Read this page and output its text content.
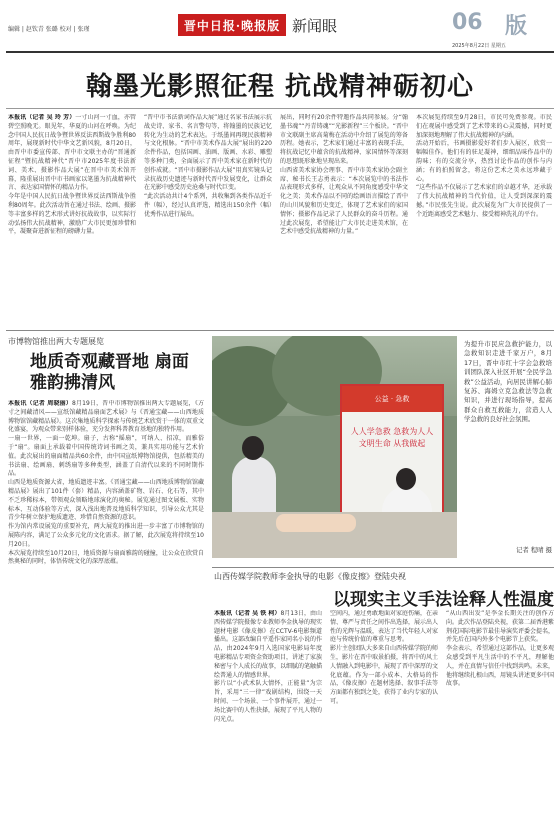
编辑 | 赵钦青 张璐 校对 | 张瑾	晋中日报·晚报版 新闻眼	06 版
2025年8月22日 星期五
翰墨光影照征程 抗战精神砺初心
本报讯（记者 吴 玲 芳）一寸山河一寸血，亦管碧空照晚无。眼见年，华夏的山河在呼唤。为纪念中国人民抗日战争暨世界反法西斯战争胜利80周年，展现新时代中华文艺新风貌，8月20日，由晋中市委宣传部、晋中市文联主办的“晋通新征程”暨抗战精神代“晋中市2025年度书法新词、美术、摄影作品大展”在晋中市美术馆开幕，隆重展出晋中市书画家以笔墨为抗战精神代言、表达家国情怀的精品力作。
今年是中国人民抗日战争暨世界反法西斯战争胜利80周年。此次活动旨在通过书法、绘画、摄影等丰富多样的艺术形式讲好抗战故事，以实际行动弘扬伟大抗战精神，激励广大市民更加珍惜和平，凝聚奋进新征程的磅礴力量。
“晋中市书法新词作品大展”通过名家书法展示抗战史诗、家书、名言警句等，将翰墨的民族记忆转化为生动的艺术表达。于纸墨间再现民族精神与文化根脉。“晋中市美术作品大展”展出的220余件作品，包括国画、油画、版画、水彩、雕塑等多种门类，全面展示了晋中美术家在新时代的创作成就。“晋中市摄影作品大展”用真实镜头记录抗战历史遗迹与新时代晋中发展变化，让群众在光影中感受历史沧桑与时代巨变。
“此次活动共计4个系列，共收集到各类作品近千件（幅），经过认真评选，精选出150余件（幅）优秀作品进行展出。
展出，同时有20余件特邀作品共同参展。分“翰墨书魂”“丹青铸魂”“光影新程”三个板块。“晋中市文联副主席高菊梅在活动中介绍了展览的筹备历程。她表示，艺术家们通过丰富的表现手法，将抗战记忆中蕴含的抗战精神、家国情怀等深刻的思想既形象地呈现出来。
山西省美术家协会理事、晋中市美术家协会副主席、秘书长王志勇表示：“本次展览中的书法作品表现形式多样，让观众从不同角度感受中华文化之美；美术作品以不同的绘画语言描绘了晋中的山川风貌和历史变迁，体现了艺术家们的家国情怀；摄影作品记录了人民群众的奋斗历程。通过此次展览，希望能让广大市民走进美术馆，在艺术中感受抗战精神的力量。”
本次展览持续至9月28日，市民可免费参观。市民们在观展中感受到了艺术带来的心灵震撼，同时更加深刻地理解了伟大抗战精神的内涵。
活动开始后，书画摄影爱好者们步入展区，欣赏一幅幅佳作。他们有的驻足凝神，细细品味作品中的韵味；有的交流分享，热烈讨论作品的创作与内涵；有的拍照留念，将这份艺术之美永远珍藏于心。
“这些作品不仅展示了艺术家们的卓越才华，还承载了伟大抗战精神的当代价值，让人受到深深的震撼。”市民张先生说。此次展览为广大市民提供了一个近距离感受艺术魅力、接受精神洗礼的平台。
市博物馆推出两大专题展览
地质奇观藏晋地 扇面雅韵拂清风
本报讯（记者 周晓丽）8月19日，晋中市博物馆推出两大专题展览，《方寸之间藏清风——宣纸馆藏精品扇面艺术展》与《晋通宝藏——山西地质博物馆馆藏精品展》。这次集地质科学探索与传统艺术欣赏于一体的双重文化盛宴，为观众带来别样体验，充分发挥科普教育基地的独特作用。
一扇一世界，一面一乾坤。扇子，古称“摇扇”，可纳人、招凉，而雅俗于“扇”。扇面上承载着中国传统诗词书画之美，兼具实用功能与艺术价值。此次展出的扇面精品共60余件，由中国宣纸博物馆提供，包括精美的书法扇、绘画扇、刺绣扇等多种类型，涵盖了自清代以来的不同时期作品。
山西是地质资源大省，地质遗迹丰富。《晋通宝藏——山西地质博物馆馆藏精品展》展出了101件（套）精品，内容涵盖矿物、岩石、化石等，其中不乏珍稀标本，带领观众领略地球演化的奥秘。展览通过图文展板、实物标本、互动体验等方式，深入浅出地普及地质科学知识，引导公众尤其是青少年树立保护地质遗迹、珍惜自然资源的意识。
作为馆内常设展览的重要补充，两大展览的推出进一步丰富了市博物馆的展陈内容，满足了公众多元化的文化需求。据了解，此次展览将持续至10月20日。
本次展览持续至10月20日，地质资源与扇面雅韵的碰撞，让公众在欣赏自然奥秘的同时，体悟传统文化的深厚底蕴。
公益 · 急救
人人学急救 急救为人人 文明生命 从我做起
为提升市民应急救护能力，以急救知识走进千家万户，8月17日，晋中市红十字会急救培训团队深入社区开展“全民学急救”公益活动，向居民讲解心肺复苏、海姆立克急救法等急救知识，并进行现场指导，提高群众自救互救能力，营造人人学急救的良好社会氛围。
记者 程晴 摄
山西传媒学院教师李金执导的电影《像皮擦》登陆央视
以现实主义手法诠释人性温度
本报讯（记者 吴 铁 柯）8月13日，由山西传媒学院摄像专业教师李金执导的现实题材电影《像皮擦》在CCTV-6电影频道播出。这部改编自平遥作家同名小说的作品，由2024年9月入选国家电影局年度电影精品专项资金资助项目，讲述了家族秘密与个人成长的故事，以细腻的笔触描绘普通人的情感世界。
影片以“小武术队大情怀，正能量”为宗旨，采用“三一律”戏剧结构，围绕一天时间、一个场景、一个事件展开，通过一场比赛中的人性抉择，展现了平凡人物的闪光点。
空间内，通过勇敢地面对家庭伤痛，在亲情、尊严与责任之间作出选择，展示出人性的光辉与温暖，表达了当代年轻人对家庭与传统价值的尊重与思考。
影片主创团队大多来自山西传媒学院的师生，影片在晋中取景拍摄，将晋中的风土人情融入到电影中，展现了晋中深厚的文化底蕴。作为一部小成本、大格局的作品，《像皮擦》在题材选择、叙事手法等方面都有独到之处，获得了业内专家的认可。
“从山西出发”是李金长期关注的创作方向。此次作品登陆央视，获第二届香港紫荆花国际电影节最佳导演奖评委会提名，并先后在国内外多个电影节上获奖。
李金表示，希望通过这部作品，让更多观众感受到平凡生活中的不平凡，理解他人，并在真情与信任中找到共鸣。未来，他将继续扎根山西，用镜头讲述更多中国故事。
